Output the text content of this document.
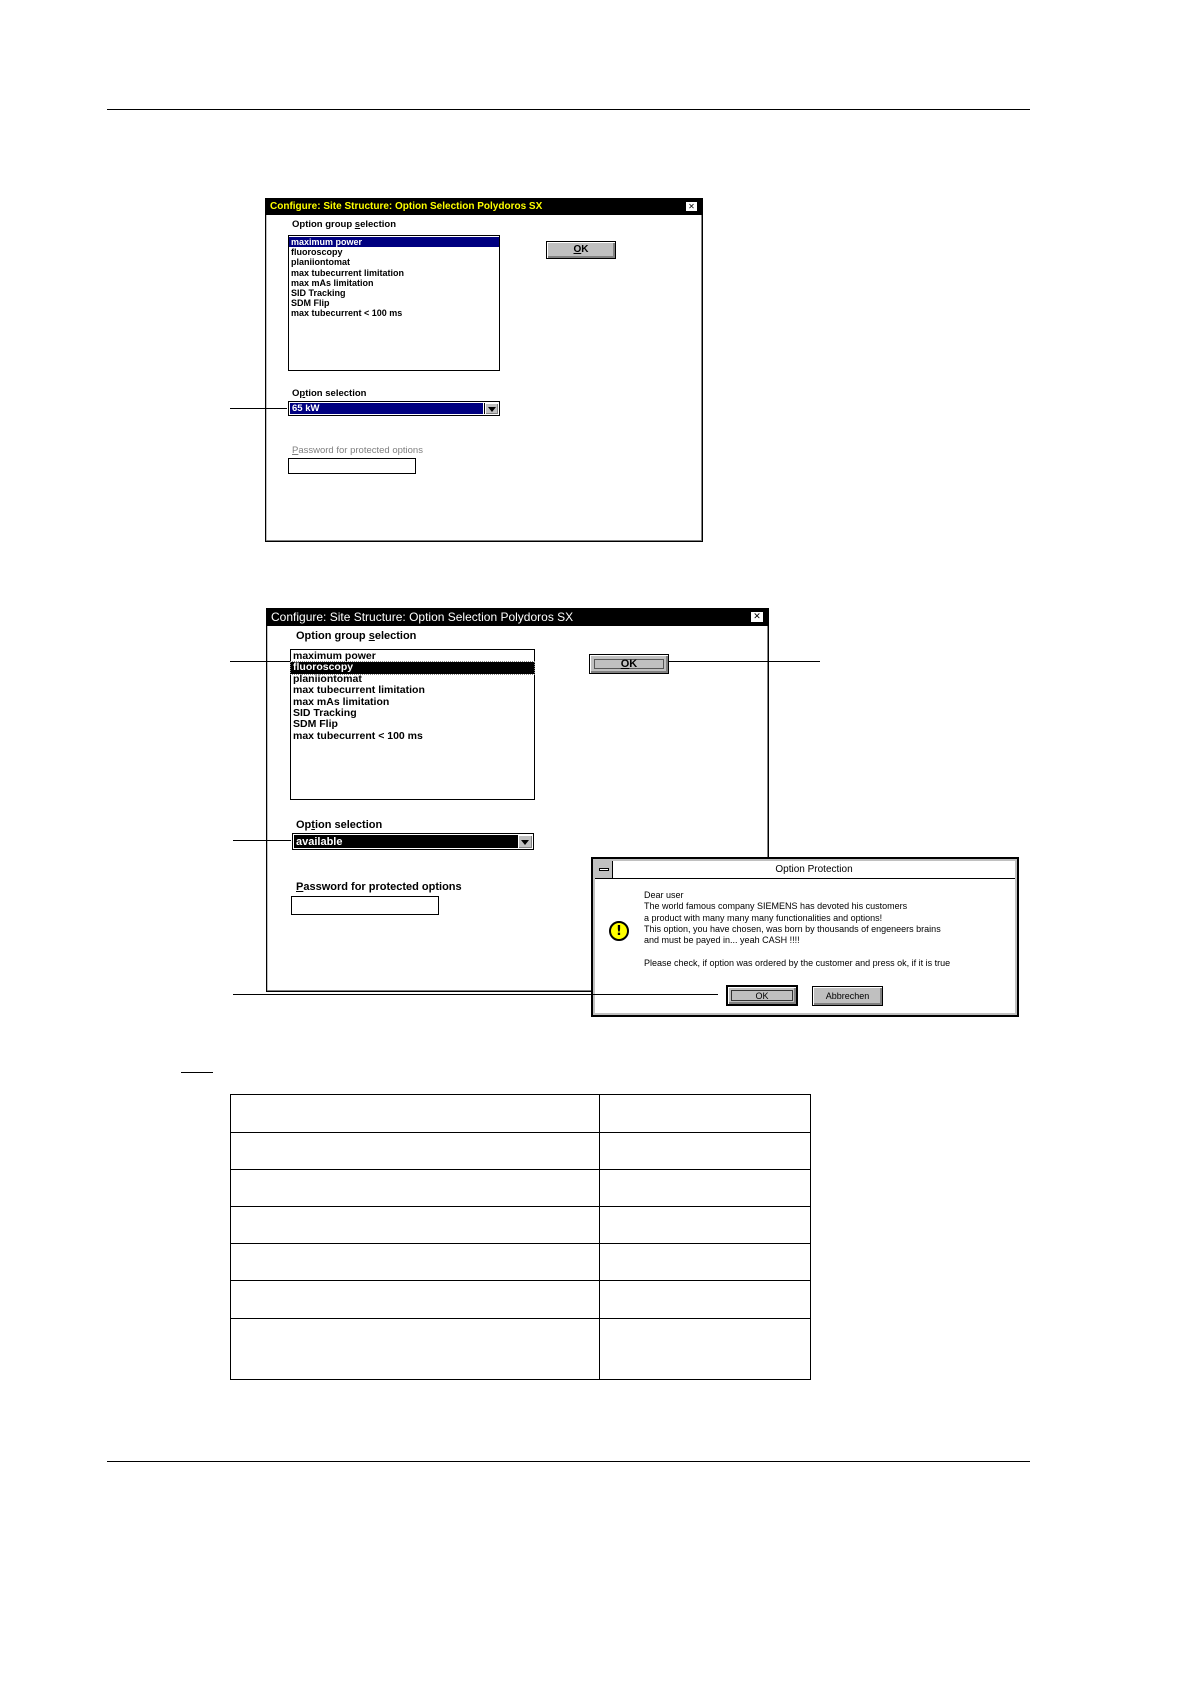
Configure: Site Structure: Option Selection Polydoros SX	✕
Option group selection
maximum power
fluoroscopy
planiiontomat
max tubecurrent limitation
max mAs limitation
SID Tracking
SDM Flip
max tubecurrent < 100 ms
OK
Option selection
65 kW
Password for protected options
Configure: Site Structure: Option Selection Polydoros SX	✕
Option group selection
maximum power
fluoroscopy
planiiontomat
max tubecurrent limitation
max mAs limitation
SID Tracking
SDM Flip
max tubecurrent < 100 ms
OK
Option selection
available
Password for protected options
Option Protection
!
Dear user
The world famous company SIEMENS has devoted his customers
a product with many many many functionalities and options!
This option, you have chosen, was born by thousands of engeneers brains
and must be payed in... yeah CASH !!!!
Please check, if option was ordered by the customer and press ok, if it is true
OK	Abbrechen
